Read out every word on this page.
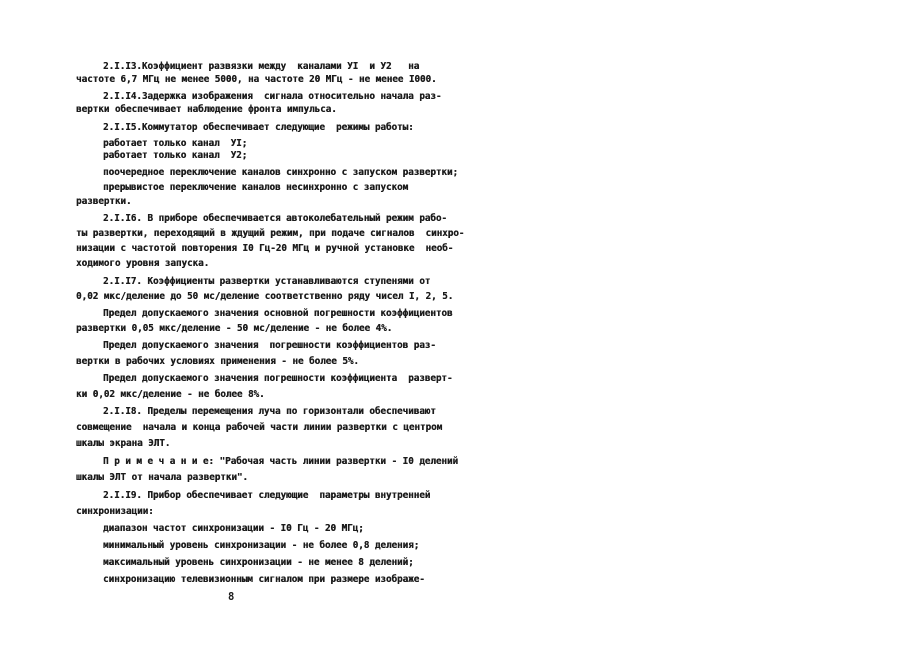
2.I.I3.Коэффициент развязки между  каналами УI  и У2   на
частоте 6,7 МГц не менее 5000, на частоте 20 МГц - не менее I000.
2.I.I4.Задержка изображения  сигнала относительно начала раз-
вертки обеспечивает наблюдение фронта импульса.
2.I.I5.Коммутатор обеспечивает следующие  режимы работы:
работает только канал  УI;
работает только канал  У2;
поочередное переключение каналов синхронно с запуском развертки;
прерывистое переключение каналов несинхронно с запуском
развертки.
2.I.I6. В приборе обеспечивается автоколебательный режим рабо-
ты развертки, переходящий в ждущий режим, при подаче сигналов  синхро-
низации с частотой повторения I0 Гц-20 МГц и ручной установке  необ-
ходимого уровня запуска.
2.I.I7. Коэффициенты развертки устанавливаются ступенями от
0,02 мкс/деление до 50 мс/деление соответственно ряду чисел I, 2, 5.
Предел допускаемого значения основной погрешности коэффициентов
развертки 0,05 мкс/деление - 50 мс/деление - не более 4%.
Предел допускаемого значения  погрешности коэффициентов раз-
вертки в рабочих условиях применения - не более 5%.
Предел допускаемого значения погрешности коэффициента  разверт-
ки 0,02 мкс/деление - не более 8%.
2.I.I8. Пределы перемещения луча по горизонтали обеспечивают
совмещение  начала и конца рабочей части линии развертки с центром
шкалы экрана ЭЛТ.
П р и м е ч а н и е: "Рабочая часть линии развертки - I0 делений
шкалы ЭЛТ от начала развертки".
2.I.I9. Прибор обеспечивает следующие  параметры внутренней
синхронизации:
диапазон частот синхронизации - I0 Гц - 20 МГц;
минимальный уровень синхронизации - не более 0,8 деления;
максимальный уровень синхронизации - не менее 8 делений;
синхронизацию телевизионным сигналом при размере изображе-
8
